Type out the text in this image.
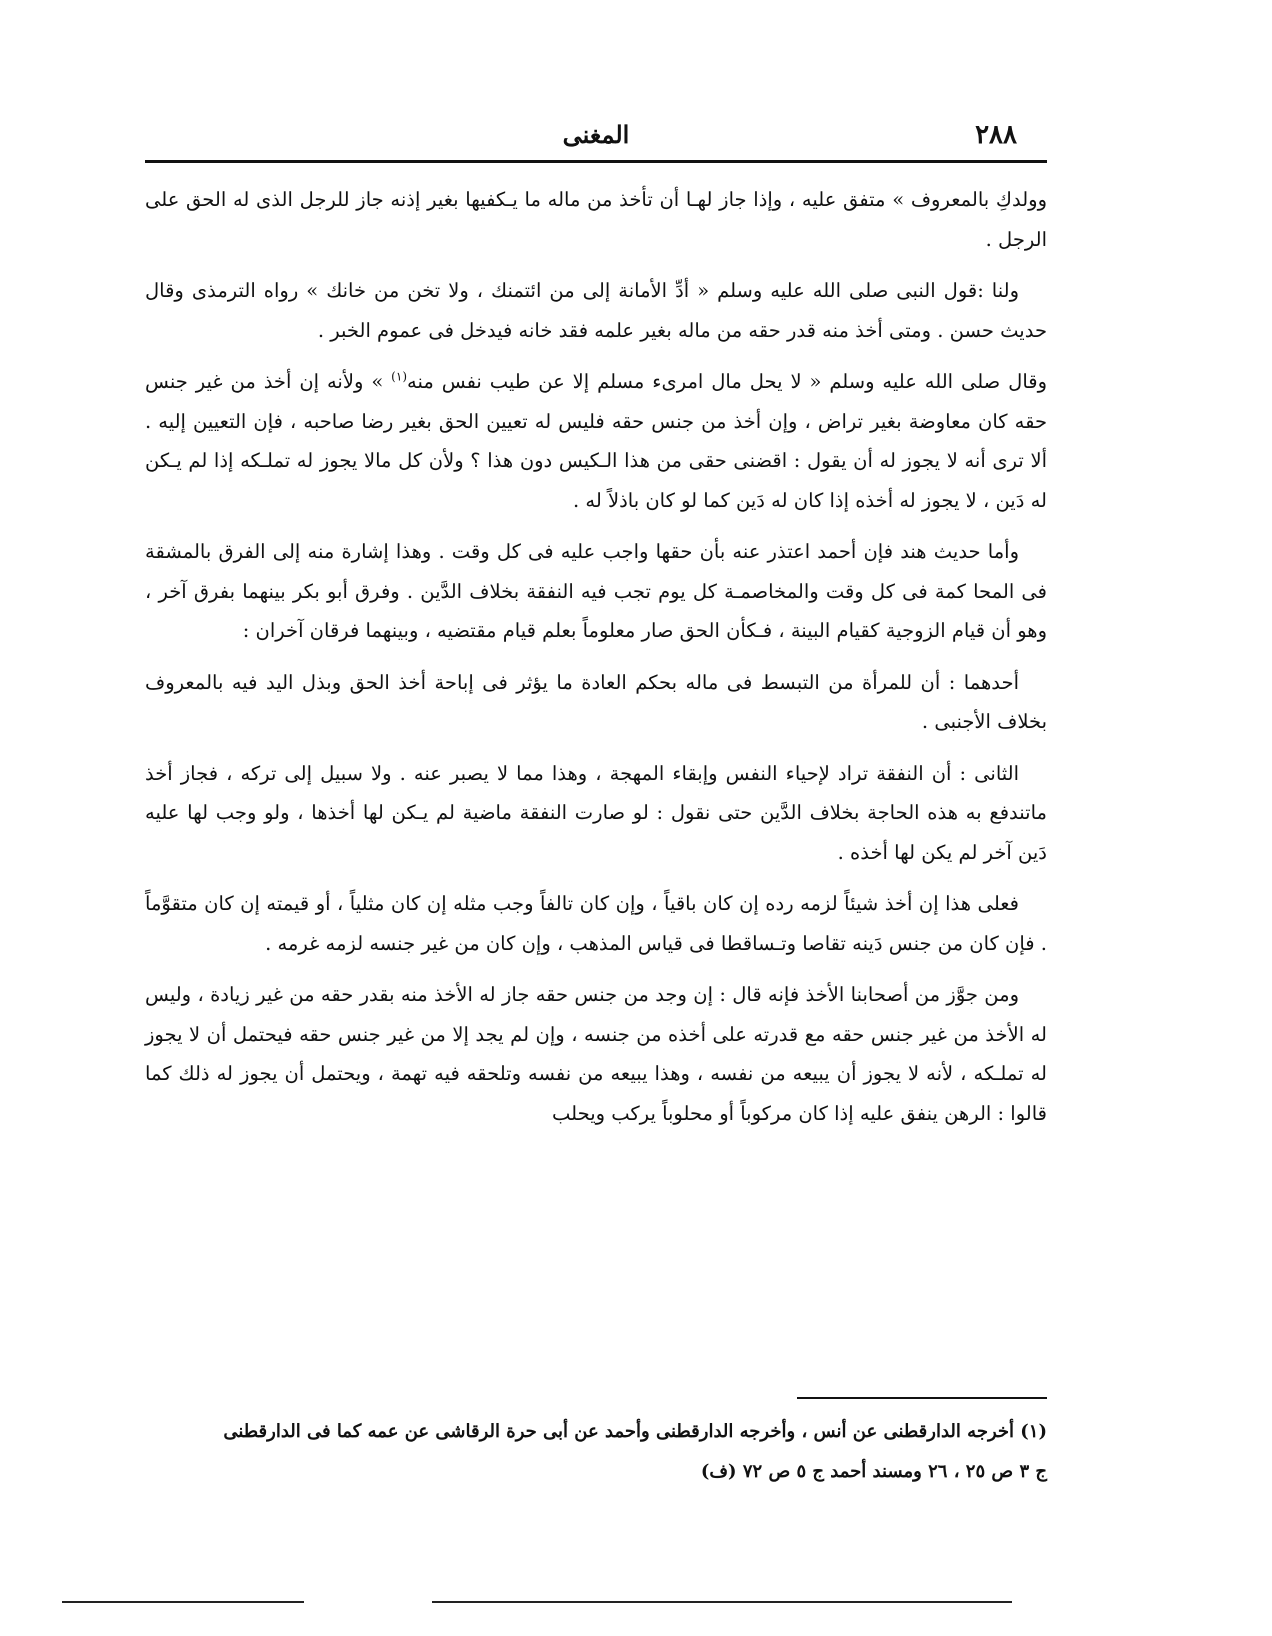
٢٨٨
المغنى

وولدكِ بالمعروف » متفق عليه ، وإذا جاز لهـا أن تأخذ من ماله ما يـكفيها بغير إذنه جاز للرجل الذى له الحق على الرجل .

ولنا :قول النبى صلى الله عليه وسلم « أدِّ الأمانة إلى من ائتمنك ، ولا تخن من خانك » رواه الترمذى وقال حديث حسن . ومتى أخذ منه قدر حقه من ماله بغير علمه فقد خانه فيدخل فى عموم الخبر .

وقال صلى الله عليه وسلم « لا يحل مال امرىء مسلم إلا عن طيب نفس منه$^{(١)}$ » ولأنه إن أخذ من غير جنس حقه كان معاوضة بغير تراض ، وإن أخذ من جنس حقه فليس له تعيين الحق بغير رضا صاحبه ، فإن التعيين إليه . ألا ترى أنه لا يجوز له أن يقول : اقضنى حقى من هذا الـكيس دون هذا ؟ ولأن كل مالا يجوز له تملـكه إذا لم يـكن له دَين ، لا يجوز له أخذه إذا كان له دَين كما لو كان باذلاً له .

وأما حديث هند فإن أحمد اعتذر عنه بأن حقها واجب عليه فى كل وقت . وهذا إشارة منه إلى الفرق بالمشقة فى المحا كمة فى كل وقت والمخاصمـة كل يوم تجب فيه النفقة بخلاف الدَّين . وفرق أبو بكر بينهما بفرق آخر ، وهو أن قيام الزوجية كقيام البينة ، فـكأن الحق صار معلوماً بعلم قيام مقتضيه ، وبينهما فرقان آخران :

أحدهما : أن للمرأة من التبسط فى ماله بحكم العادة ما يؤثر فى إباحة أخذ الحق وبذل اليد فيه بالمعروف بخلاف الأجنبى .

الثانى : أن النفقة تراد لإحياء النفس وإبقاء المهجة ، وهذا مما لا يصبر عنه . ولا سبيل إلى تركه ، فجاز أخذ ماتندفع به هذه الحاجة بخلاف الدَّين حتى نقول : لو صارت النفقة ماضية لم يـكن لها أخذها ، ولو وجب لها عليه دَين آخر لم يكن لها أخذه .

فعلى هذا إن أخذ شيئاً لزمه رده إن كان باقياً ، وإن كان تالفاً وجب مثله إن كان مثلياً ، أو قيمته إن كان متقوَّماً . فإن كان من جنس دَينه تقاصا وتـساقطا فى قياس المذهب ، وإن كان من غير جنسه لزمه غرمه .

ومن جوَّز من أصحابنا الأخذ فإنه قال : إن وجد من جنس حقه جاز له الأخذ منه بقدر حقه من غير زيادة ، وليس له الأخذ من غير جنس حقه مع قدرته على أخذه من جنسه ، وإن لم يجد إلا من غير جنس حقه فيحتمل أن لا يجوز له تملـكه ، لأنه لا يجوز أن يبيعه من نفسه ، وهذا يبيعه من نفسه وتلحقه فيه تهمة ، ويحتمل أن يجوز له ذلك كما قالوا : الرهن ينفق عليه إذا كان مركوباً أو محلوباً يركب ويحلب

(١) أخرجه الدارقطنى عن أنس ، وأخرجه الدارقطنى وأحمد عن أبى حرة الرقاشى عن عمه كما فى الدارقطنى
ج ٣ ص ٢٥ ، ٢٦ ومسند أحمد ج ٥ ص ٧٢ (ف)
